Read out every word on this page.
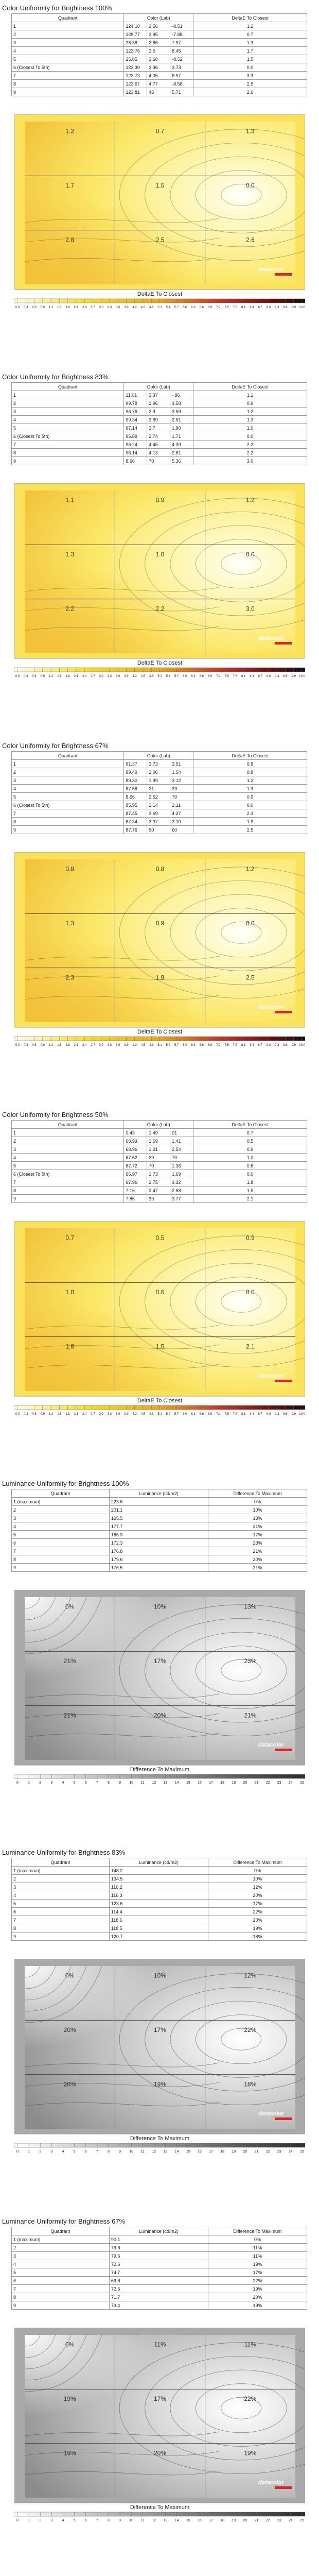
Color Uniformity for Brightness 100%
Quadrant	Color (Lab)			DeltaE To Closest
1	124.10	3.56	-8.51	1.2
2	128.77	3.95	-7.88	0.7
3	28.38	2.86	7.97	1.3
4	123.76	3.5	8.45	1.7
5	25.85	3.68	-8.52	1.5
6 (Closest To 5th)	123.30	3.36	3.73	0.0
7	123.73	4.05	6.97	3.3
8	123.67	4.77	-8.58	2.5
9	123.81	46	5.71	2.6
1.2	0.7	1.3
1.7	1.5	0.0
2.8	2.5	2.6
datacolor
DeltaE To Closest
0.0 0.3 0.6 0.9 1.2 1.5 1.8 2.1 2.4 2.7 3.0 3.3 3.6 3.9 4.2 4.5 4.8 5.1 5.4 5.7 6.0 6.3 6.6 6.9 7.2 7.5 7.8 8.1 8.4 8.7 9.0 9.3 9.6 9.9 10.0
Color Uniformity for Brightness 83%
Quadrant	Color (Lab)			DeltaE To Closest
1	11.01	3.37	-.86	1.1
2	99.78	2.96	3.58	0.9
3	96.76	2.9	3.59	1.2
4	99.34	3.69	2.51	1.3
5	97.14	3.7	1.90	1.0
6 (Closest To 5th)	95.89	2.74	1.71	0.0
7	96.24	4.45	4.39	2.2
8	96.14	4.13	2.61	2.2
9	8.66	70	5.36	3.0
1.1	0.9	1.2
1.3	1.0	0.0
2.2	2.2	3.0
datacolor
DeltaE To Closest
0.0 0.3 0.6 0.9 1.2 1.5 1.8 2.1 2.4 2.7 3.0 3.3 3.6 3.9 4.2 4.5 4.8 5.1 5.4 5.7 6.0 6.3 6.6 6.9 7.2 7.5 7.8 8.1 8.4 8.7 9.0 9.3 9.6 9.9 10.0
Color Uniformity for Brightness 67%
Quadrant	Color (Lab)			DeltaE To Closest
1	91.37	3.73	3.51	0.8
2	89.49	2.06	1.54	0.8
3	89.30	1.99	3.12	1.2
4	87.58	31	39	1.3
5	8.66	2.52	70	0.9
6 (Closest To 5th)	85.95	2.14	2.11	0.0
7	87.45	3.69	4.27	2.3
8	87.34	3.37	3.10	1.9
9	87.76	90	60	2.5
0.8	0.8	1.2
1.3	0.9	0.0
2.3	1.9	2.5
datacolor
DeltaE To Closest
0.0 0.3 0.6 0.9 1.2 1.5 1.8 2.1 2.4 2.7 3.0 3.3 3.6 3.9 4.2 4.5 4.8 5.1 5.4 5.7 6.0 6.3 6.6 6.9 7.2 7.5 7.8 8.1 8.4 8.7 9.0 9.3 9.6 9.9 10.0
Color Uniformity for Brightness 50%
Quadrant	Color (Lab)			DeltaE To Closest
1	0.43	1.49	01	0.7
2	68.93	1.69	1.41	0.5
3	68.96	1.21	2.54	0.9
4	67.52	39	70	1.0
5	67.72	70	1.36	0.6
6 (Closest To 5th)	66.97	1.73	1.69	0.0
7	67.96	2.75	3.32	1.8
8	7.16	2.47	2.68	1.5
9	7.86	39	3.77	2.1
0.7	0.5	0.9
1.0	0.6	0.0
1.8	1.5	2.1
datacolor
DeltaE To Closest
0.0 0.3 0.6 0.9 1.2 1.5 1.8 2.1 2.4 2.7 3.0 3.3 3.6 3.9 4.2 4.5 4.8 5.1 5.4 5.7 6.0 6.3 6.6 6.9 7.2 7.5 7.8 8.1 8.4 8.7 9.0 9.3 9.6 9.9 10.0
Luminance Uniformity for Brightness 100%
Quadrant	Luminance (cd/m2)	Difference To Maximum
1 (maximum)	223.6	0%
2	201.1	10%
3	195.5	13%
4	177.7	21%
5	186.3	17%
6	172.3	23%
7	176.8	21%
8	179.6	20%
9	176.5	21%
0%	10%	13%
21%	17%	23%
21%	20%	21%
datacolor
Difference To Maximum
0	1	2	3	4	5	6	7	8	9 10 11 12 13 14 15 16 17 18 19 20 21 22 23 24 25
Luminance Uniformity for Brightness 83%
Quadrant	Luminance (cd/m2)	Difference To Maximum
1 (maximum)	148.2	0%
2	134.5	10%
3	116.2	12%
4	116.3	20%
5	123.6	17%
6	114.4	22%
7	118.6	20%
8	118.5	19%
9	120.7	18%
0%	10%	12%
20%	17%	22%
20%	19%	18%
datacolor
Difference To Maximum
0	1	2	3	4	5	6	7	8	9 10 11 12 13 14 15 16 17 18 19 20 21 22 23 24 25
Luminance Uniformity for Brightness 67%
Quadrant	Luminance (cd/m2)	Difference To Maximum
1 (maximum)	90.1	0%
2	79.8	11%
3	79.6	11%
4	72.6	19%
5	74.7	17%
6	69.8	22%
7	72.6	19%
8	71.7	20%
9	73.4	19%
0%	11%	11%
19%	17%	22%
19%	20%	19%
datacolor
Difference To Maximum
0	1	2	3	4	5	6	7	8	9 10 11 12 13 14 15 16 17 18 19 20 21 22 23 24 25
